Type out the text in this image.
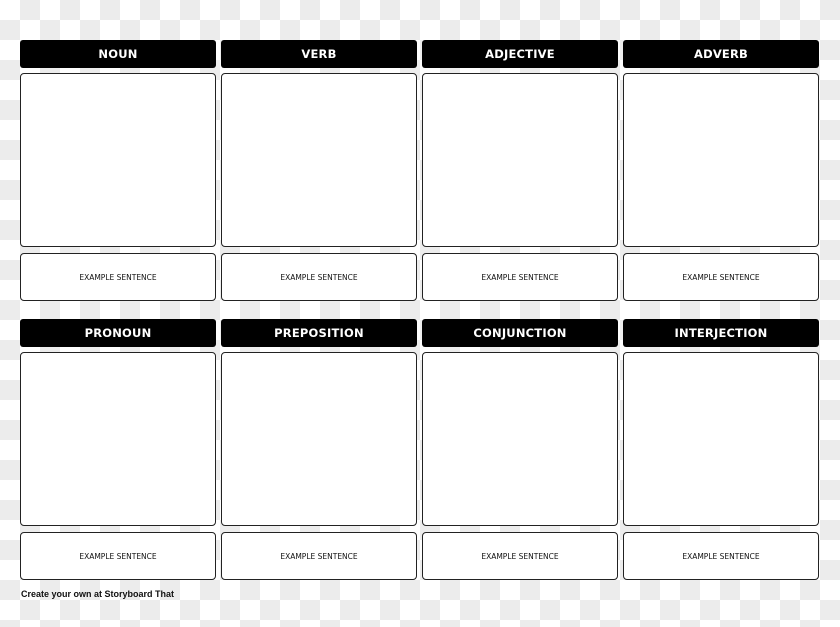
NOUN
EXAMPLE SENTENCE
VERB
EXAMPLE SENTENCE
ADJECTIVE
EXAMPLE SENTENCE
ADVERB
EXAMPLE SENTENCE
PRONOUN
EXAMPLE SENTENCE
PREPOSITION
EXAMPLE SENTENCE
CONJUNCTION
EXAMPLE SENTENCE
INTERJECTION
EXAMPLE SENTENCE
Create your own at Storyboard That
